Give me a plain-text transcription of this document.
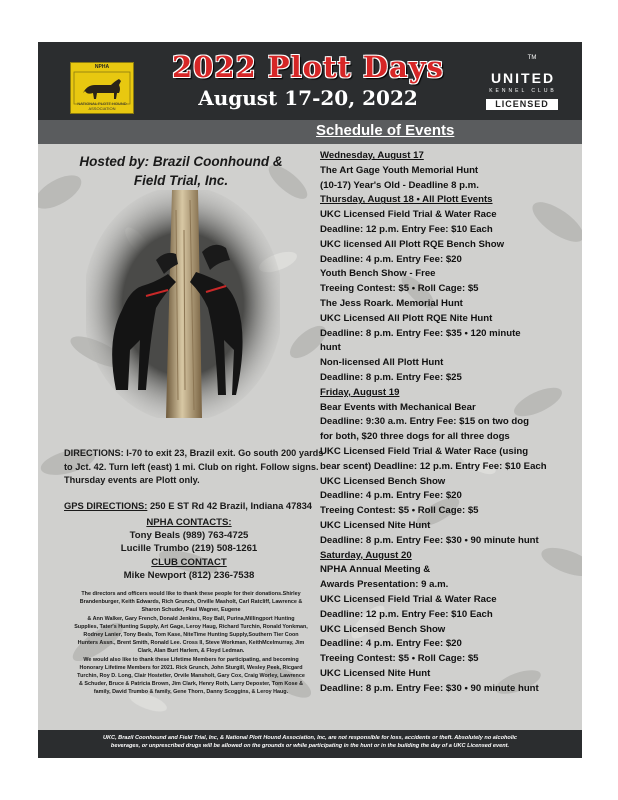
NPHA
NATIONAL PLOTT HOUND ASSOCIATION
2022 Plott Days
August 17-20, 2022
TM
UNITED
KENNEL CLUB
LICENSED
Schedule of Events
Hosted by: Brazil Coonhound &
Field Trial, Inc.
DIRECTIONS: I-70 to exit 23, Brazil exit. Go south 200 yards to Jct. 42. Turn left (east) 1 mi. Club on right. Follow signs. Thursday events are Plott only.
GPS DIRECTIONS: 250 E ST Rd 42 Brazil, Indiana 47834
NPHA CONTACTS:
Tony Beals (989) 763-4725
Lucille Trumbo (219) 508-1261
CLUB CONTACT
Mike Newport (812) 236-7538
The directors and officers would like to thank these people for their donations.Shirley
Brandenburger, Keith Edwards, Rich Grunch, Orville Masholt, Carl Ratcliff, Lawrence &
Sharon Schuder, Paul Wagner, Eugene
& Ann Walker, Gary French, Donald Jenkins, Roy Ball, Purina,Millingport Hunting
Supplies, Tater's Hunting Supply, Art Gage, Leroy Haug, Richard Turchin, Ronald Yonkman,
Rodney Lanier, Tony Beals, Tom Kase, NiteTime Hunting Supply,Southern Tier Coon
Hunters Assn., Brent Smith, Ronald Lee. Cross II, Steve Workman, KeithMcelmurray, Jim
Clark, Alan Burt Harlem, & Floyd Ledman.
We would also like to thank these Lifetime Members for participating, and becoming
Honorary Lifetime Members for 2021. Rick Grunch, John Sturgill, Wesley Peek, Ricgard
Turchin, Roy D. Long, Clair Hostetler, Orvile Mansholt, Gary Cox, Craig Worley, Lawrence
& Schuder, Bruce & Patricia Brown, Jim Clark, Henry Roth, Larry Deposter, Tom Kose &
family, David Trumbo & family, Gene Thorn, Danny Scoggins, & Leroy Haug.
Wednesday, August 17
The Art Gage Youth Memorial Hunt
(10-17) Year's Old - Deadline 8 p.m.
Thursday, August 18 • All Plott Events
UKC Licensed Field Trial & Water Race
Deadline: 12 p.m. Entry Fee: $10 Each
UKC licensed All Plott RQE Bench Show
Deadline: 4 p.m. Entry Fee: $20
Youth Bench Show - Free
Treeing Contest: $5 • Roll Cage: $5
The Jess Roark. Memorial Hunt
UKC Licensed All Plott RQE Nite Hunt
Deadline: 8 p.m. Entry Fee: $35 • 120 minute
hunt
Non-licensed All Plott Hunt
Deadline: 8 p.m. Entry Fee: $25
Friday, August 19
Bear Events with Mechanical Bear
Deadline: 9:30 a.m. Entry Fee: $15 on two dog
for both, $20 three dogs for all three dogs
UKC Licensed Field Trial & Water Race (using
bear scent) Deadline: 12 p.m. Entry Fee: $10 Each
UKC Licensed Bench Show
Deadline: 4 p.m. Entry Fee: $20
Treeing Contest: $5 • Roll Cage: $5
UKC Licensed Nite Hunt
Deadline: 8 p.m. Entry Fee: $30 • 90 minute hunt
Saturday, August 20
NPHA Annual Meeting &
Awards Presentation: 9 a.m.
UKC Licensed Field Trial & Water Race
Deadline: 12 p.m. Entry Fee: $10 Each
UKC Licensed Bench Show
Deadline: 4 p.m. Entry Fee: $20
Treeing Contest: $5 • Roll Cage: $5
UKC Licensed Nite Hunt
Deadline: 8 p.m. Entry Fee: $30 • 90 minute hunt
UKC, Brazil Coonhound and Field Trial, Inc, & National Plott Hound Association, Inc, are not responsible for loss, accidents or theft. Absolutely no alcoholic
beverages, or unprescribed drugs will be allowed on the grounds or while participating in the hunt or in the building the day of a UKC Licensed event.
